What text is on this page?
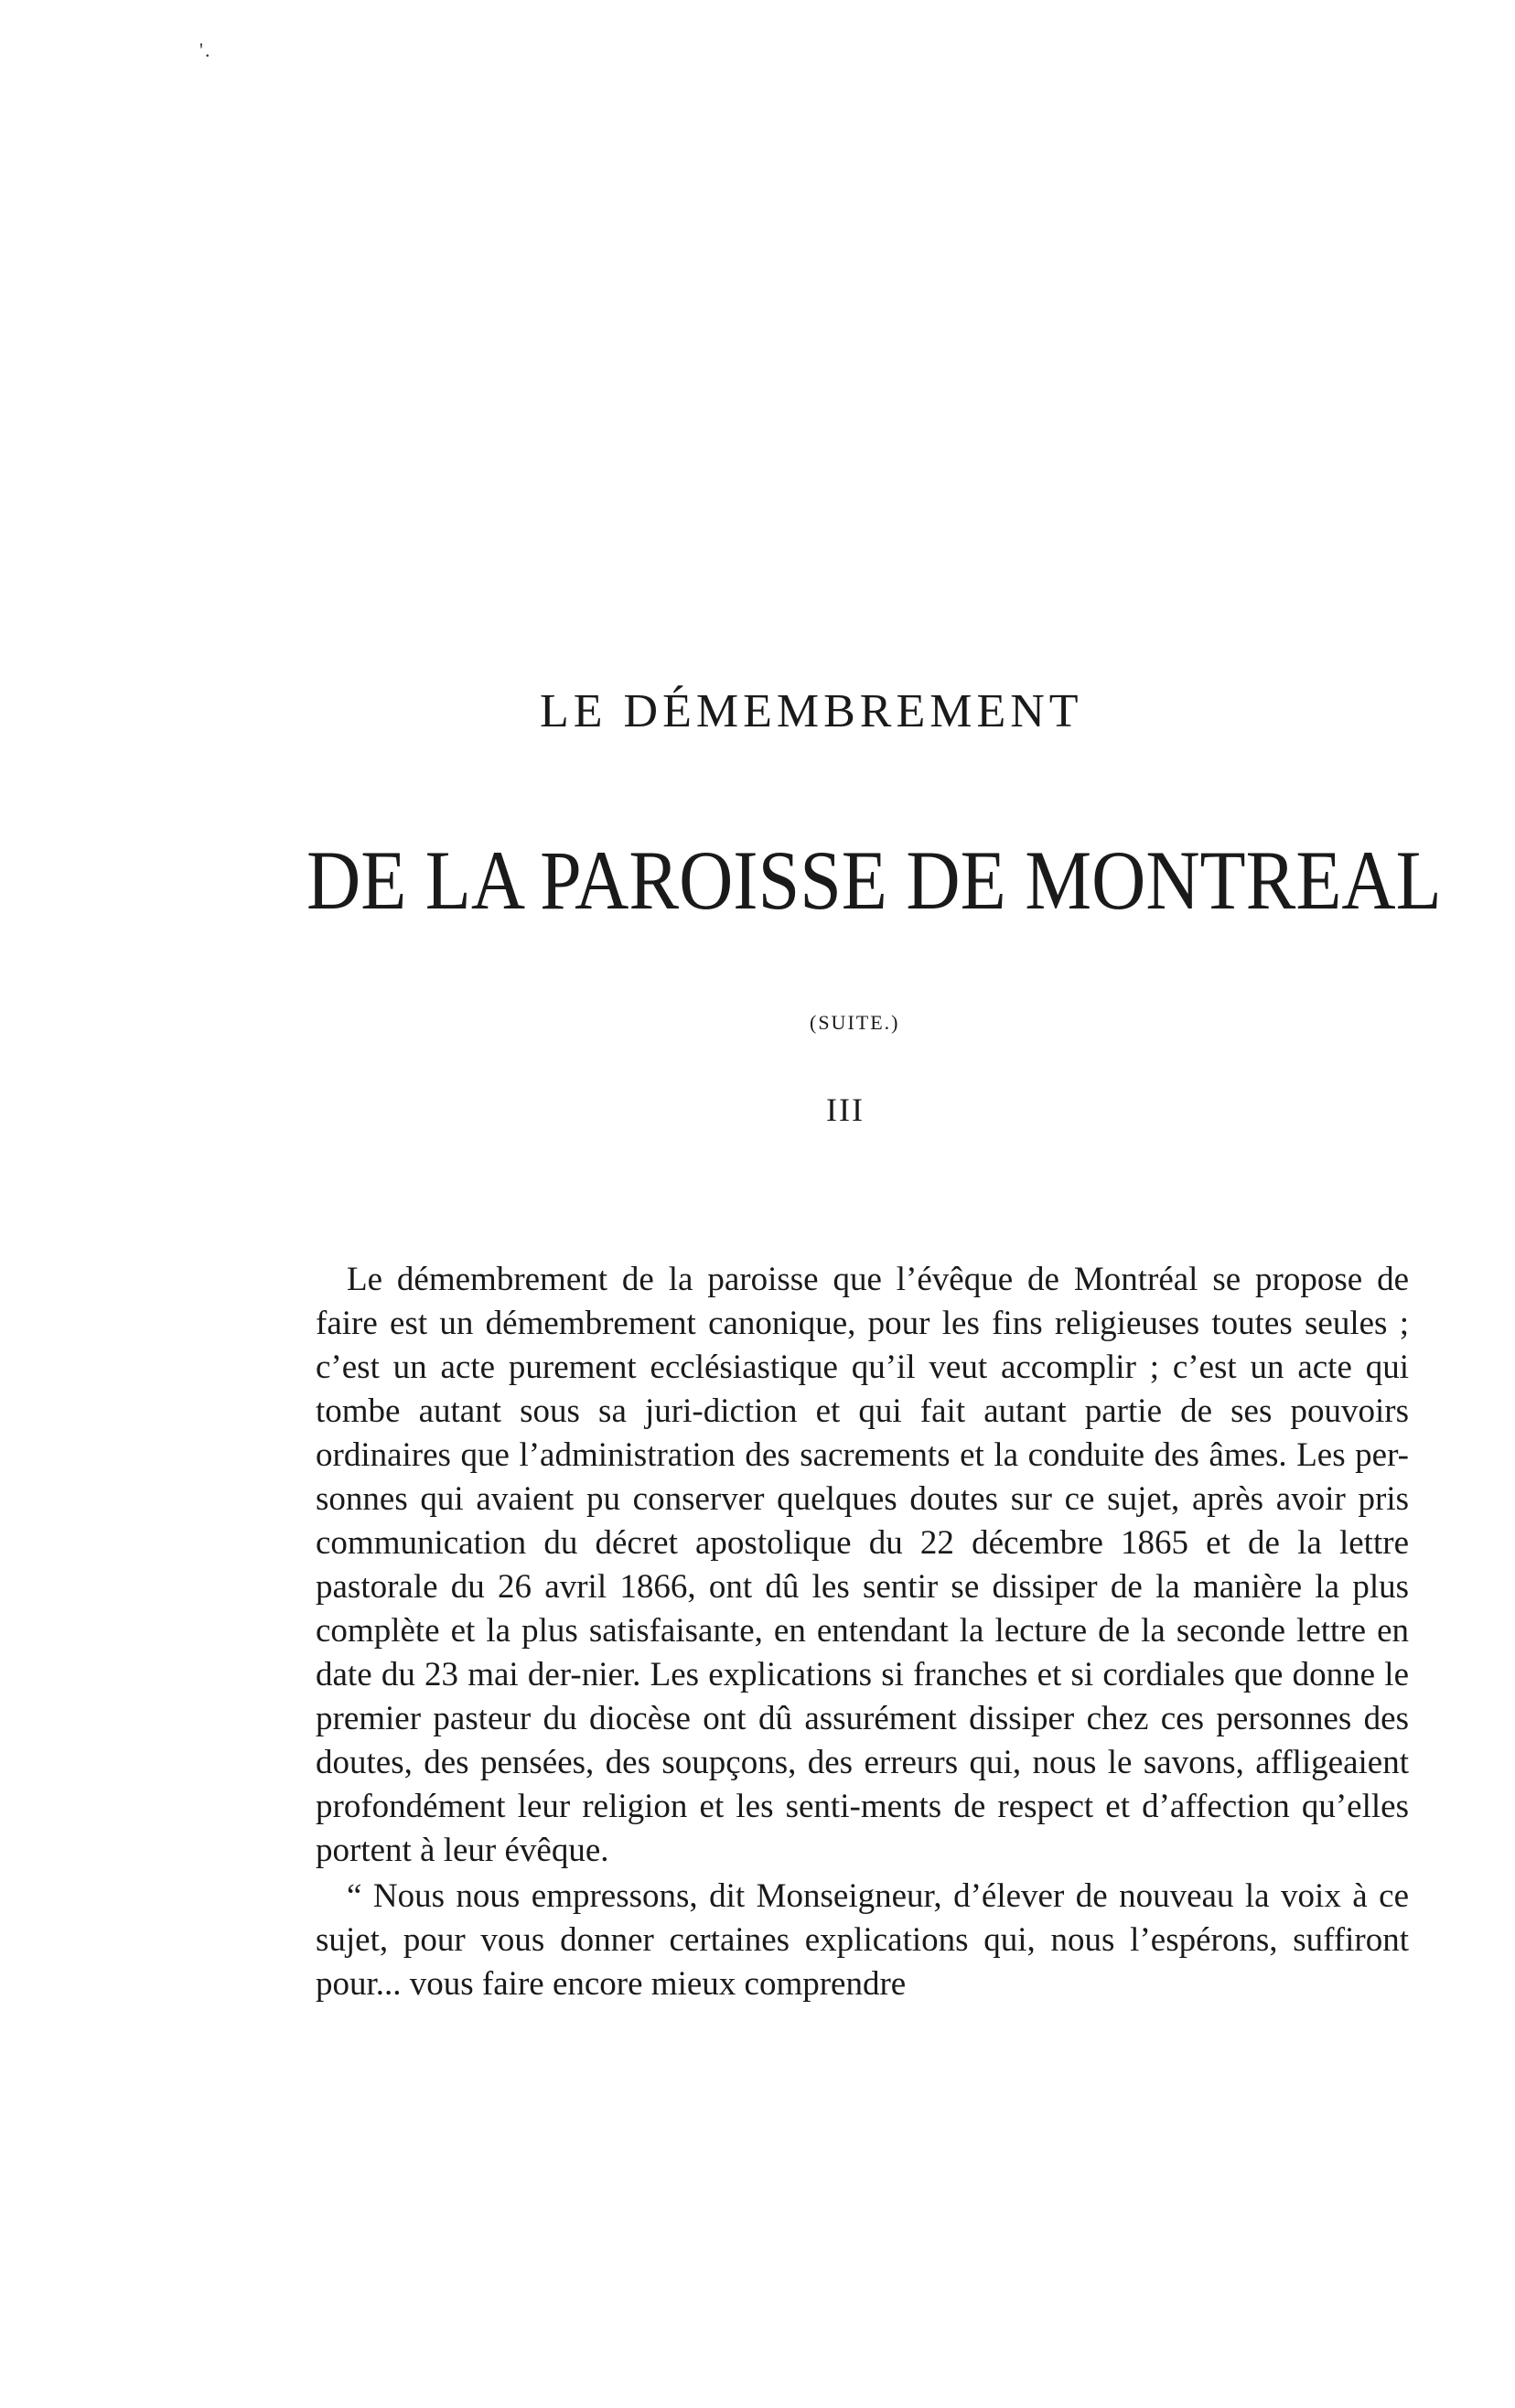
'.
LE DÉMEMBREMENT
DE LA PAROISSE DE MONTREAL
(SUITE.)
III

Le démembrement de la paroisse que l’évêque de Montréal se propose de faire est un démembrement canonique, pour les fins religieuses toutes seules ; c’est un acte purement ecclésiastique qu’il veut accomplir ; c’est un acte qui tombe autant sous sa juri-diction et qui fait autant partie de ses pouvoirs ordinaires que l’administration des sacrements et la conduite des âmes. Les per-sonnes qui avaient pu conserver quelques doutes sur ce sujet, après avoir pris communication du décret apostolique du 22 décembre 1865 et de la lettre pastorale du 26 avril 1866, ont dû les sentir se dissiper de la manière la plus complète et la plus satisfaisante, en entendant la lecture de la seconde lettre en date du 23 mai der-nier. Les explications si franches et si cordiales que donne le premier pasteur du diocèse ont dû assurément dissiper chez ces personnes des doutes, des pensées, des soupçons, des erreurs qui, nous le savons, affligeaient profondément leur religion et les senti-ments de respect et d’affection qu’elles portent à leur évêque.

“ Nous nous empressons, dit Monseigneur, d’élever de nouveau la voix à ce sujet, pour vous donner certaines explications qui, nous l’espérons, suffiront pour... vous faire encore mieux comprendre
